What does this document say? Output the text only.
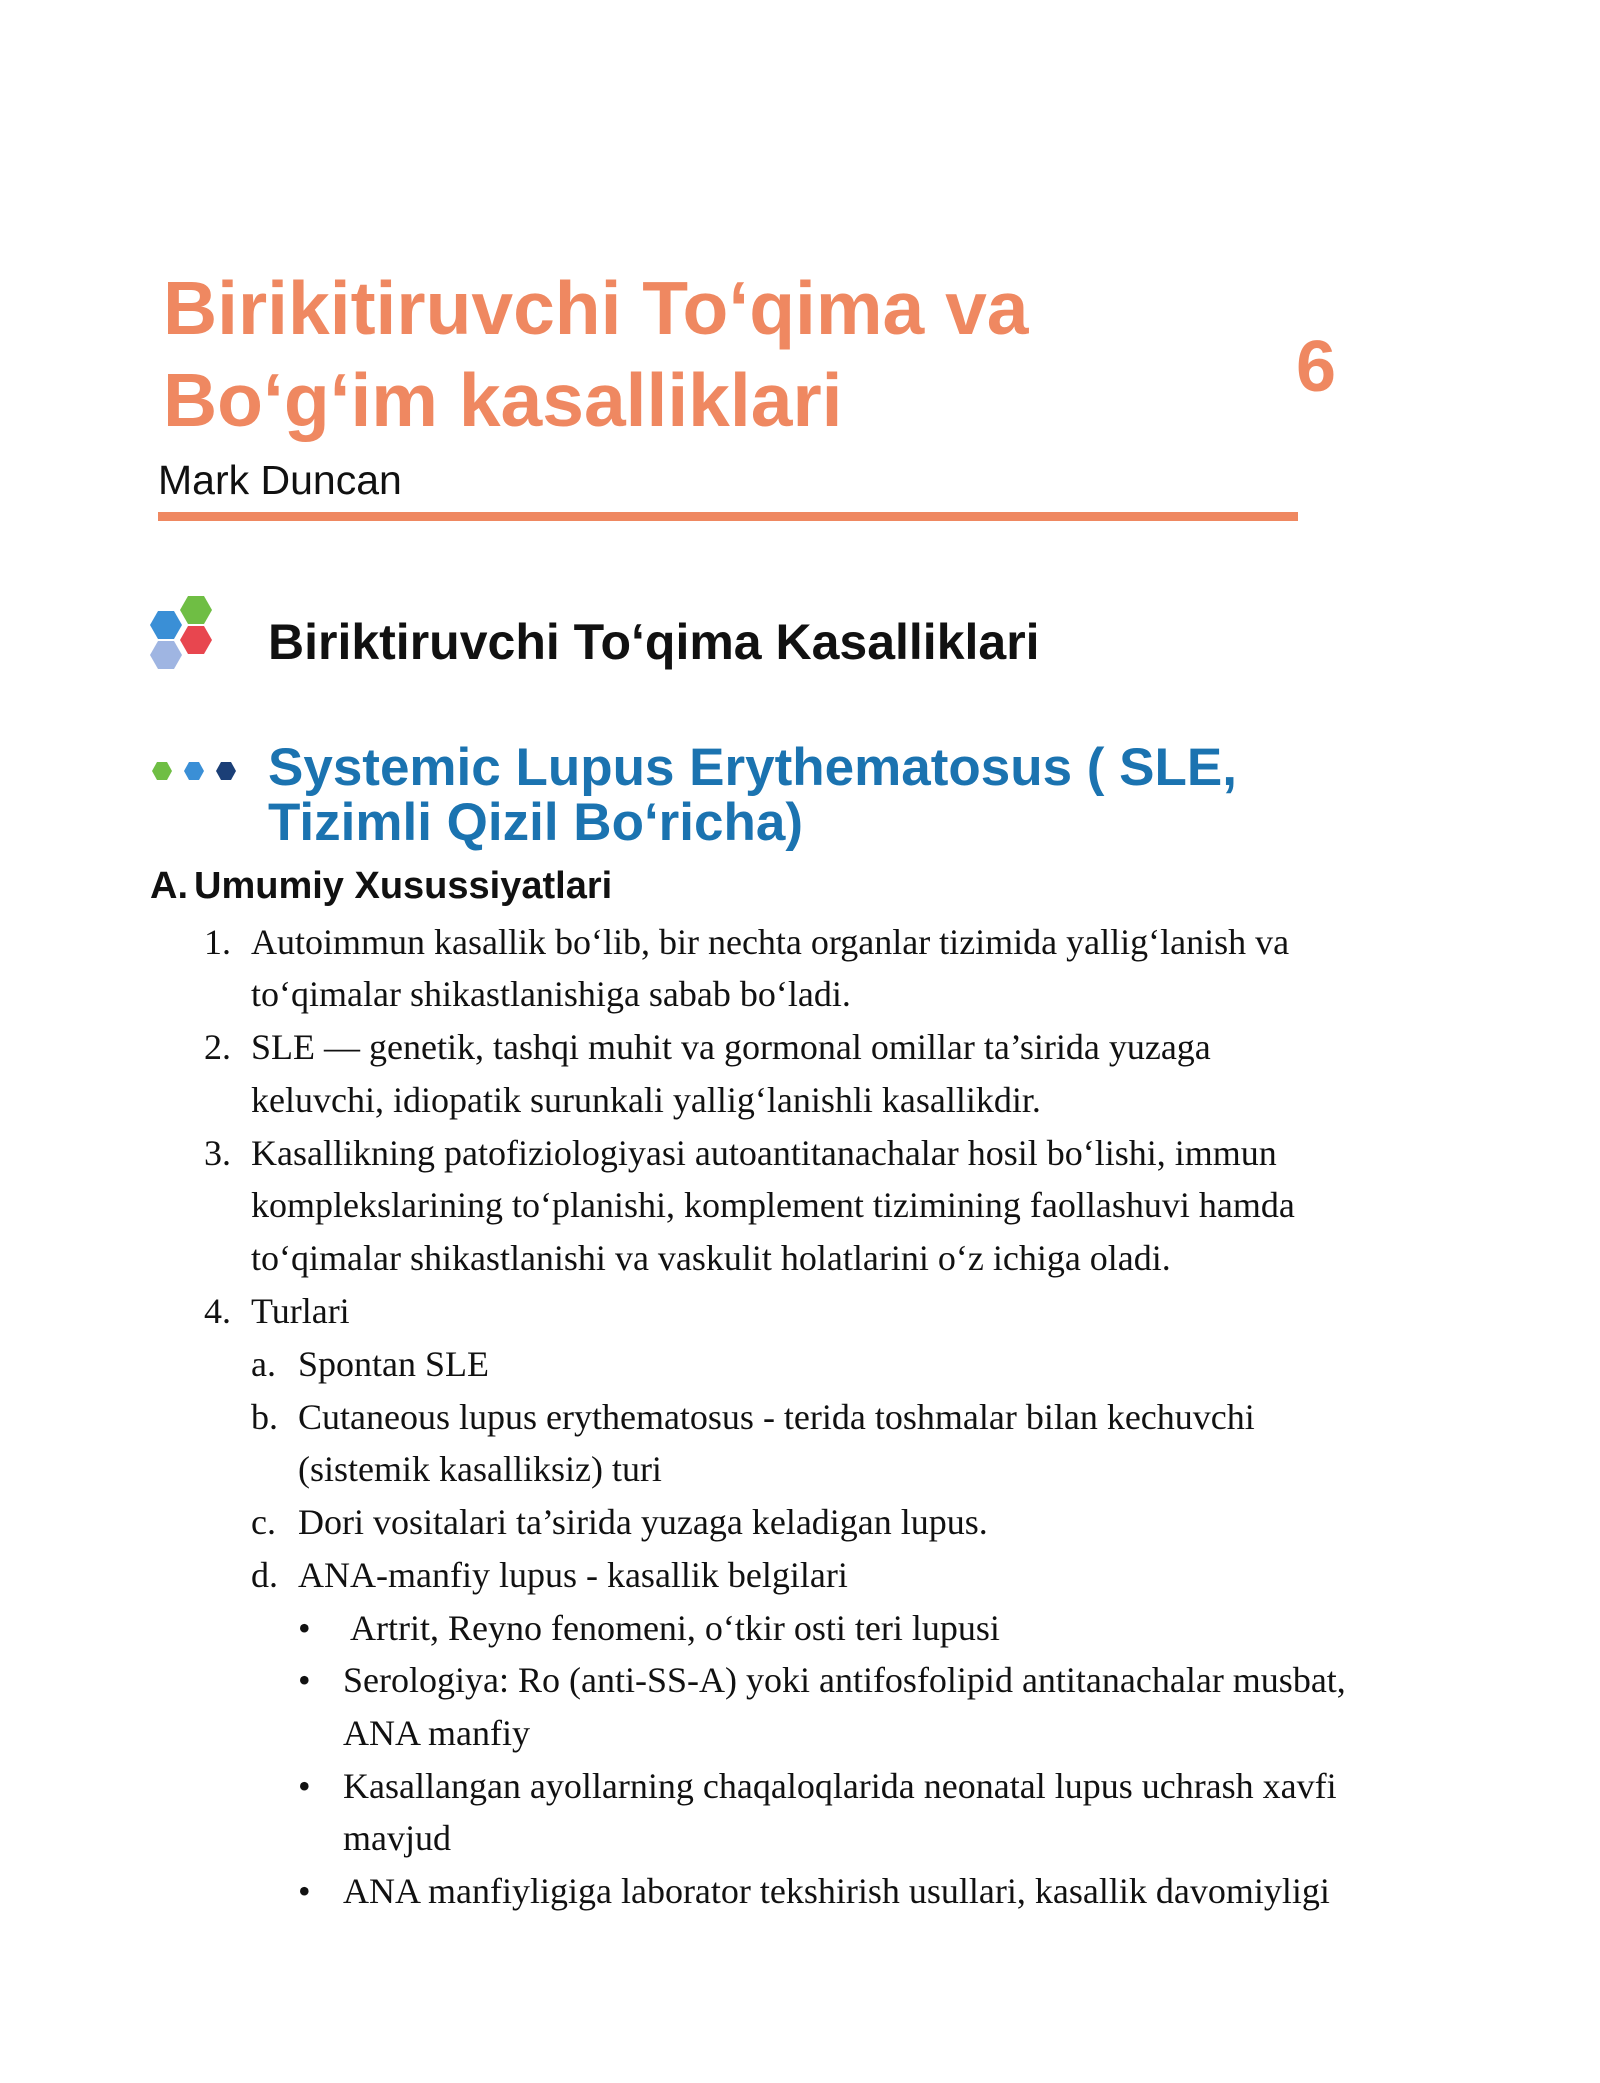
Birikitiruvchi To‘qima va
Bo‘g‘im kasalliklari	6
Mark Duncan
Biriktiruvchi To‘qima Kasalliklari
Systemic Lupus Erythematosus ( SLE,
Tizimli Qizil Bo‘richa)
A. Umumiy Xusussiyatlari
1. Autoimmun kasallik bo‘lib, bir nechta organlar tizimida yallig‘lanish va
to‘qimalar shikastlanishiga sabab bo‘ladi.
2. SLE — genetik, tashqi muhit va gormonal omillar ta’sirida yuzaga
keluvchi, idiopatik surunkali yallig‘lanishli kasallikdir.
3. Kasallikning patofiziologiyasi autoantitanachalar hosil bo‘lishi, immun
komplekslarining to‘planishi, komplement tizimining faollashuvi hamda
to‘qimalar shikastlanishi va vaskulit holatlarini o‘z ichiga oladi.
4. Turlari
a. Spontan SLE
b. Cutaneous lupus erythematosus - terida toshmalar bilan kechuvchi
(sistemik kasalliksiz) turi
c. Dori vositalari ta’sirida yuzaga keladigan lupus.
d. ANA-manfiy lupus - kasallik belgilari
• Artrit, Reyno fenomeni, o‘tkir osti teri lupusi
• Serologiya: Ro (anti-SS-A) yoki antifosfolipid antitanachalar musbat,
ANA manfiy
• Kasallangan ayollarning chaqaloqlarida neonatal lupus uchrash xavfi
mavjud
• ANA manfiyligiga laborator tekshirish usullari, kasallik davomiyligi
